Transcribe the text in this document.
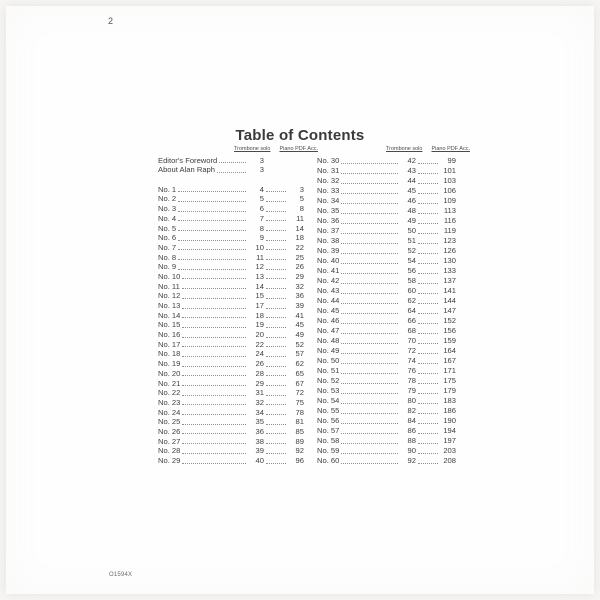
2
Table of Contents
Trombone solo Piano PDF Acc.
Editor's Foreword	3
About Alan Raph	3
No. 1	4	3
No. 2	5	5
No. 3	6	8
No. 4	7	11
No. 5	8	14
No. 6	9	18
No. 7	10	22
No. 8	11	25
No. 9	12	26
No. 10	13	29
No. 11	14	32
No. 12	15	36
No. 13	17	39
No. 14	18	41
No. 15	19	45
No. 16	20	49
No. 17	22	52
No. 18	24	57
No. 19	26	62
No. 20	28	65
No. 21	29	67
No. 22	31	72
No. 23	32	75
No. 24	34	78
No. 25	35	81
No. 26	36	85
No. 27	38	89
No. 28	39	92
No. 29	40	96
Trombone solo Piano PDF Acc.
No. 30	42	99
No. 31	43	101
No. 32	44	103
No. 33	45	106
No. 34	46	109
No. 35	48	113
No. 36	49	116
No. 37	50	119
No. 38	51	123
No. 39	52	126
No. 40	54	130
No. 41	56	133
No. 42	58	137
No. 43	60	141
No. 44	62	144
No. 45	64	147
No. 46	66	152
No. 47	68	156
No. 48	70	159
No. 49	72	164
No. 50	74	167
No. 51	76	171
No. 52	78	175
No. 53	79	179
No. 54	80	183
No. 55	82	186
No. 56	84	190
No. 57	86	194
No. 58	88	197
No. 59	90	203
No. 60	92	208
O1594X
